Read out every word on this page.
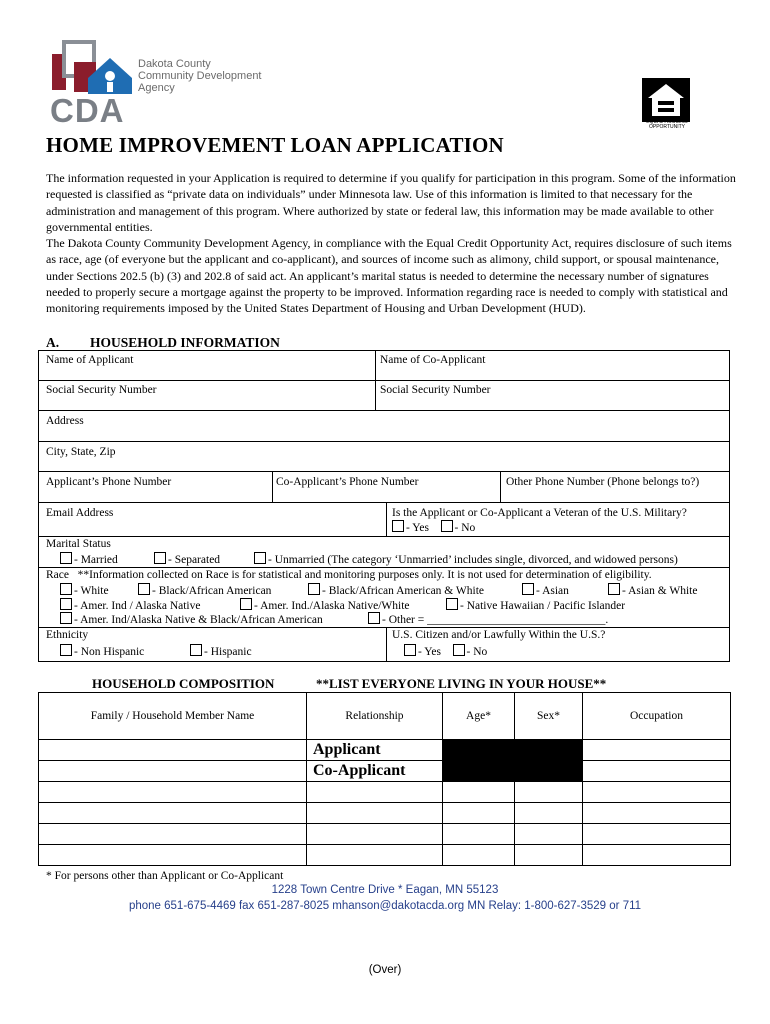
Dakota County
Community Development
Agency
CDA	EQUAL HOUSING OPPORTUNITY
HOME IMPROVEMENT LOAN APPLICATION

The information requested in your Application is required to determine if you qualify for participation in this program. Some of the information requested is classified as “private data on individuals” under Minnesota law. Use of this information is limited to that necessary for the administration and management of this program. Where authorized by state or federal law, this information may be made available to other governmental entities.

The Dakota County Community Development Agency, in compliance with the Equal Credit Opportunity Act, requires disclosure of such items as race, age (of everyone but the applicant and co-applicant), and sources of income such as alimony, child support, or spousal maintenance, under Sections 202.5 (b) (3) and 202.8 of said act. An applicant’s marital status is needed to determine the necessary number of signatures needed to properly secure a mortgage against the property to be improved. Information regarding race is needed to comply with statistical and monitoring requirements imposed by the United States Department of Housing and Urban Development (HUD).

A. HOUSEHOLD INFORMATION
Name of Applicant	Name of Co-Applicant
Social Security Number	Social Security Number
Address
City, State, Zip
Applicant’s Phone Number	Co-Applicant’s Phone Number	Other Phone Number (Phone belongs to?)
Email Address	Is the Applicant or Co-Applicant a Veteran of the U.S. Military?
- Yes - No
Marital Status
- Married	- Separated	- Unmarried (The category ‘Unmarried’ includes single, divorced, and widowed persons)
Race **Information collected on Race is for statistical and monitoring purposes only. It is not used for determination of eligibility.
- White	- Black/African American	- Black/African American & White	- Asian	- Asian & White
- Amer. Ind / Alaska Native	- Amer. Ind./Alaska Native/White	- Native Hawaiian / Pacific Islander
- Amer. Ind/Alaska Native & Black/African American	- Other = _______________________________.
Ethnicity
- Non Hispanic	- Hispanic
U.S. Citizen and/or Lawfully Within the U.S.?
- Yes - No
HOUSEHOLD COMPOSITION	**LIST EVERYONE LIVING IN YOUR HOUSE**
Family / Household Member Name	Relationship	Age*	Sex*	Occupation
	Applicant			
	Co-Applicant			

* For persons other than Applicant or Co-Applicant
1228 Town Centre Drive * Eagan, MN 55123
phone 651-675-4469 fax 651-287-8025 mhanson@dakotacda.org MN Relay: 1-800-627-3529 or 711
(Over)
